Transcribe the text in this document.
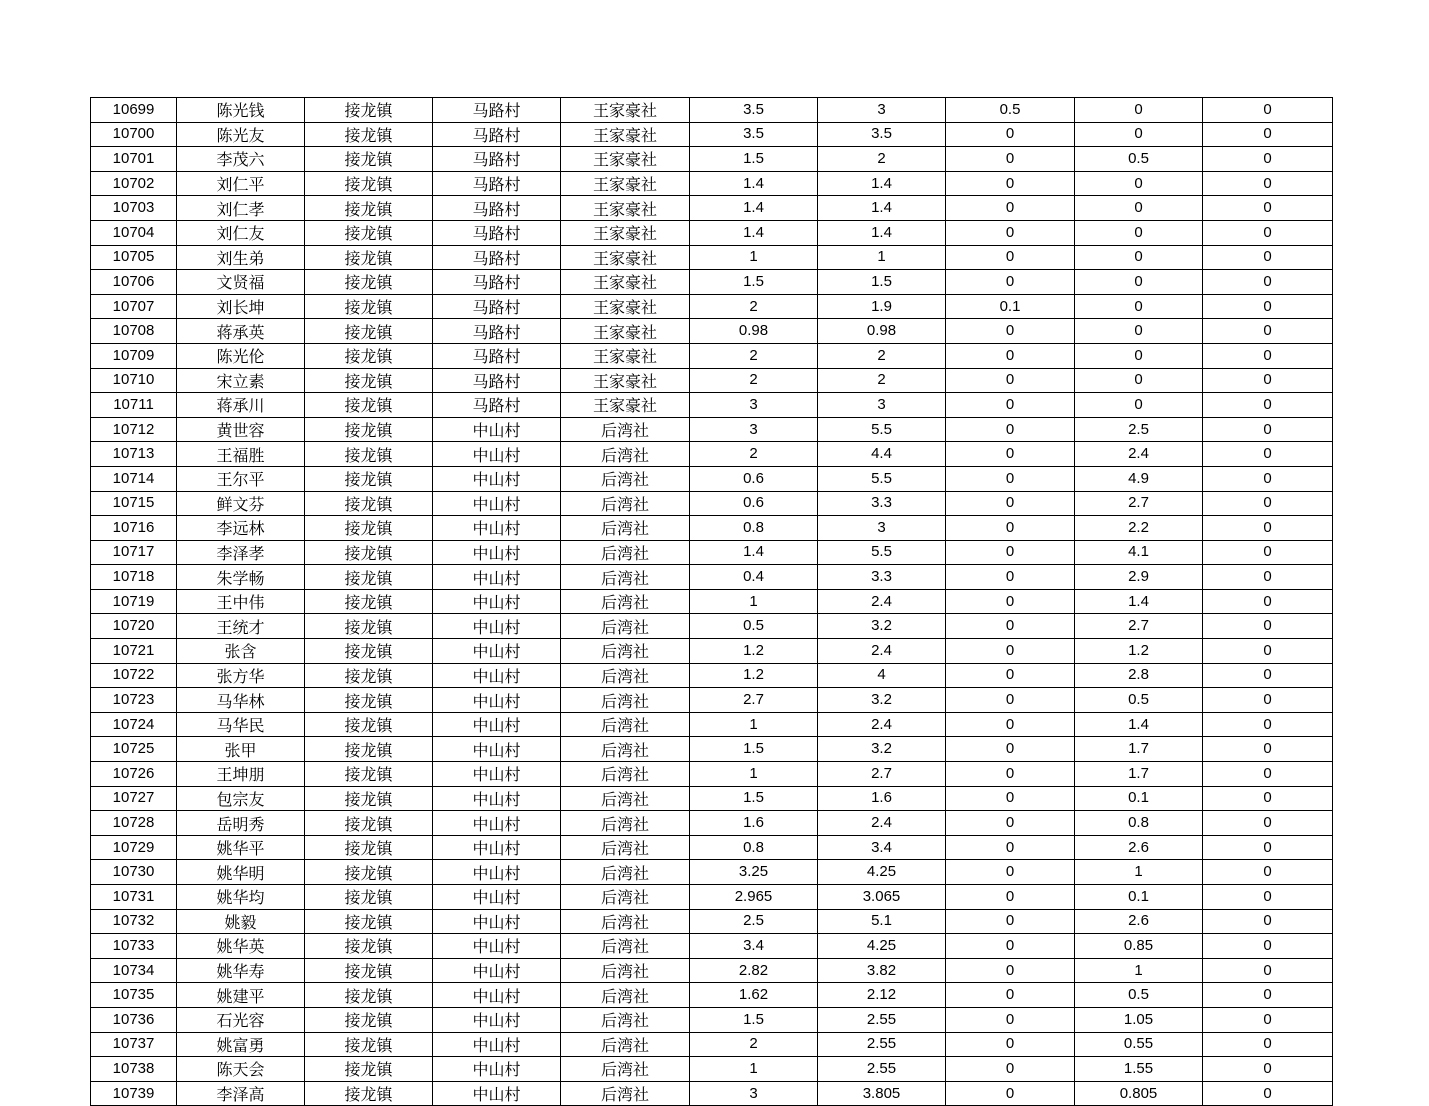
10699	陈光钱	接龙镇	马路村	王家豪社	3.5	3	0.5	0	0
10700	陈光友	接龙镇	马路村	王家豪社	3.5	3.5	0	0	0
10701	李茂六	接龙镇	马路村	王家豪社	1.5	2	0	0.5	0
10702	刘仁平	接龙镇	马路村	王家豪社	1.4	1.4	0	0	0
10703	刘仁孝	接龙镇	马路村	王家豪社	1.4	1.4	0	0	0
10704	刘仁友	接龙镇	马路村	王家豪社	1.4	1.4	0	0	0
10705	刘生弟	接龙镇	马路村	王家豪社	1	1	0	0	0
10706	文贤福	接龙镇	马路村	王家豪社	1.5	1.5	0	0	0
10707	刘长坤	接龙镇	马路村	王家豪社	2	1.9	0.1	0	0
10708	蒋承英	接龙镇	马路村	王家豪社	0.98	0.98	0	0	0
10709	陈光伦	接龙镇	马路村	王家豪社	2	2	0	0	0
10710	宋立素	接龙镇	马路村	王家豪社	2	2	0	0	0
10711	蒋承川	接龙镇	马路村	王家豪社	3	3	0	0	0
10712	黄世容	接龙镇	中山村	后湾社	3	5.5	0	2.5	0
10713	王福胜	接龙镇	中山村	后湾社	2	4.4	0	2.4	0
10714	王尔平	接龙镇	中山村	后湾社	0.6	5.5	0	4.9	0
10715	鲜文芬	接龙镇	中山村	后湾社	0.6	3.3	0	2.7	0
10716	李远林	接龙镇	中山村	后湾社	0.8	3	0	2.2	0
10717	李泽孝	接龙镇	中山村	后湾社	1.4	5.5	0	4.1	0
10718	朱学畅	接龙镇	中山村	后湾社	0.4	3.3	0	2.9	0
10719	王中伟	接龙镇	中山村	后湾社	1	2.4	0	1.4	0
10720	王统才	接龙镇	中山村	后湾社	0.5	3.2	0	2.7	0
10721	张含	接龙镇	中山村	后湾社	1.2	2.4	0	1.2	0
10722	张方华	接龙镇	中山村	后湾社	1.2	4	0	2.8	0
10723	马华林	接龙镇	中山村	后湾社	2.7	3.2	0	0.5	0
10724	马华民	接龙镇	中山村	后湾社	1	2.4	0	1.4	0
10725	张甲	接龙镇	中山村	后湾社	1.5	3.2	0	1.7	0
10726	王坤朋	接龙镇	中山村	后湾社	1	2.7	0	1.7	0
10727	包宗友	接龙镇	中山村	后湾社	1.5	1.6	0	0.1	0
10728	岳明秀	接龙镇	中山村	后湾社	1.6	2.4	0	0.8	0
10729	姚华平	接龙镇	中山村	后湾社	0.8	3.4	0	2.6	0
10730	姚华明	接龙镇	中山村	后湾社	3.25	4.25	0	1	0
10731	姚华均	接龙镇	中山村	后湾社	2.965	3.065	0	0.1	0
10732	姚毅	接龙镇	中山村	后湾社	2.5	5.1	0	2.6	0
10733	姚华英	接龙镇	中山村	后湾社	3.4	4.25	0	0.85	0
10734	姚华寿	接龙镇	中山村	后湾社	2.82	3.82	0	1	0
10735	姚建平	接龙镇	中山村	后湾社	1.62	2.12	0	0.5	0
10736	石光容	接龙镇	中山村	后湾社	1.5	2.55	0	1.05	0
10737	姚富勇	接龙镇	中山村	后湾社	2	2.55	0	0.55	0
10738	陈天会	接龙镇	中山村	后湾社	1	2.55	0	1.55	0
10739	李泽高	接龙镇	中山村	后湾社	3	3.805	0	0.805	0
